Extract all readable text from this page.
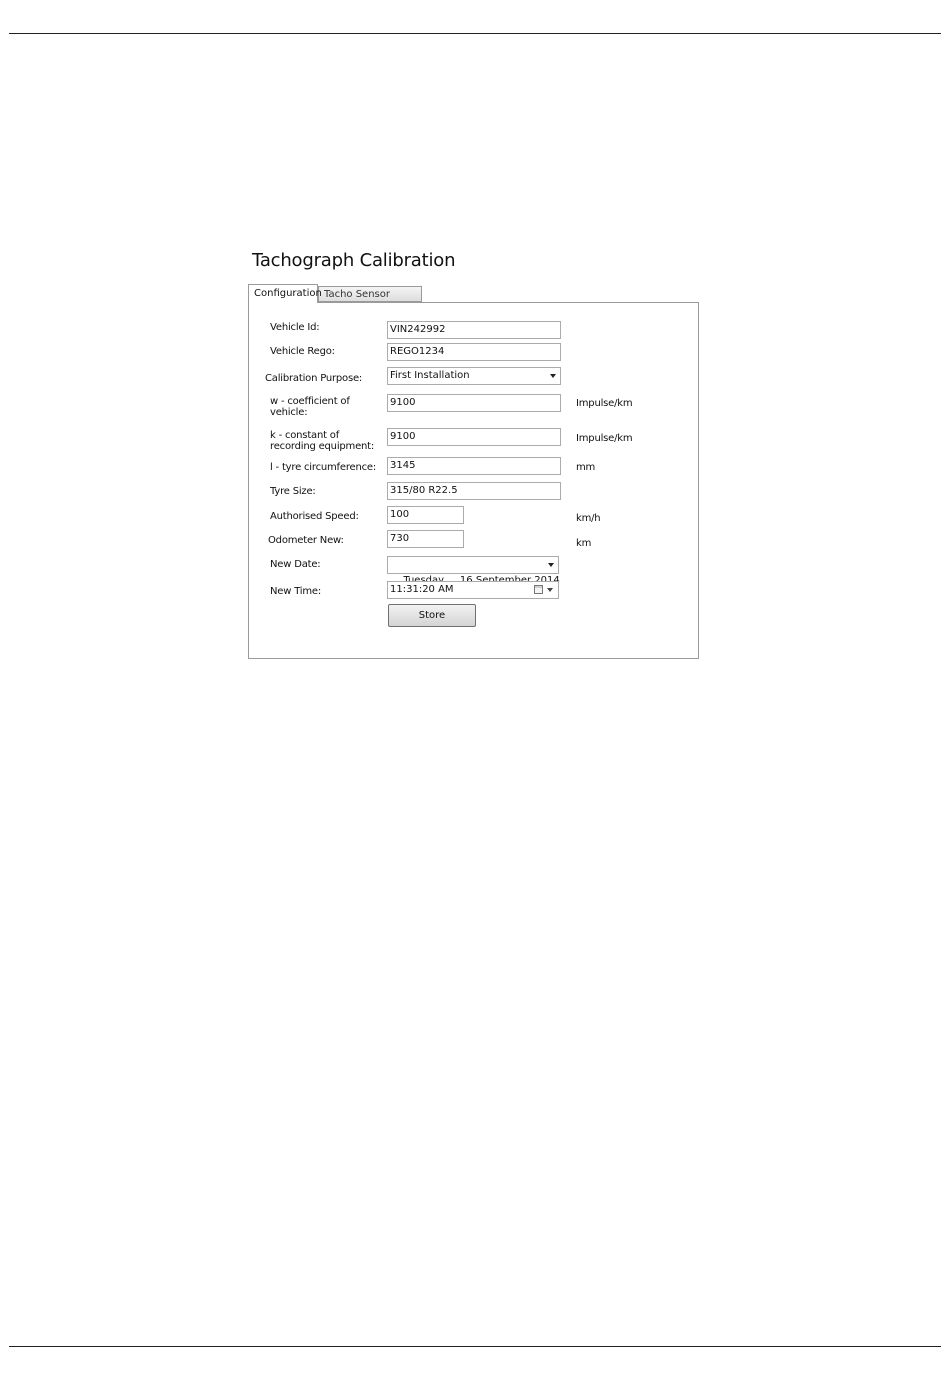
Tachograph Calibration
Configuration Tacho Sensor
Vehicle Id:	VIN242992
Vehicle Rego:	REGO1234
Calibration Purpose:	First Installation
w - coefficient of
vehicle:
9100	Impulse/km
k - constant of
recording equipment:
9100	Impulse/km
l - tyre circumference:	3145	mm
Tyre Size:	315/80 R22.5
Authorised Speed:	100	km/h
Odometer New:	730	km
New Date:

New Time:	11:31:20 AM
Store
